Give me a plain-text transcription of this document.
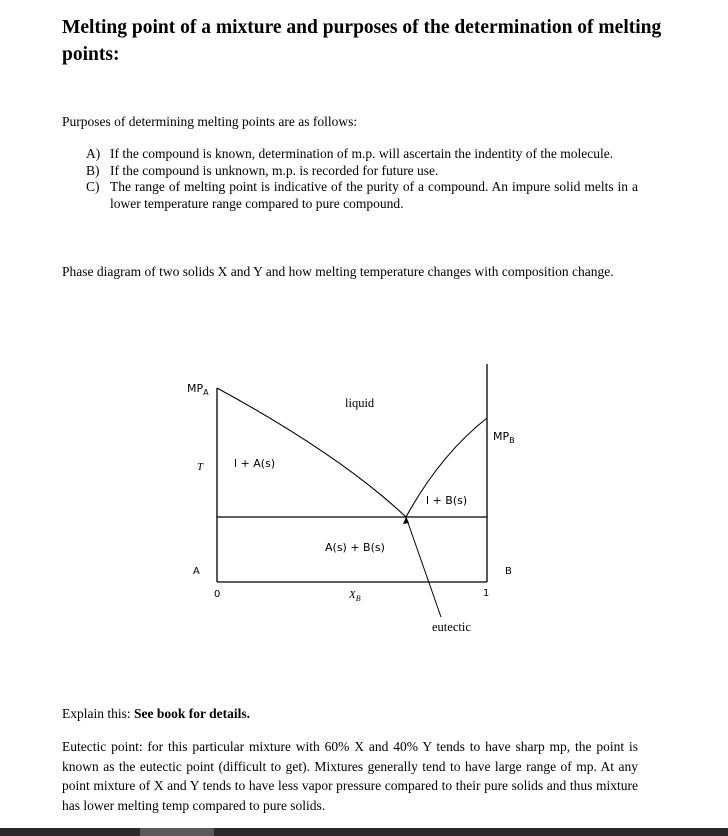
Melting point of a mixture and purposes of the determination of melting points:

Purposes of determining melting points are as follows:

A) If the compound is known, determination of m.p. will ascertain the indentity of the molecule.
B) If the compound is unknown, m.p. is recorded for future use.
C) The range of melting point is indicative of the purity of a compound. An impure solid melts in a lower temperature range compared to pure compound.

Phase diagram of two solids X and Y and how melting temperature changes with composition change.

$MP_A$
$MP_B$
T
A	B
0	1
$X_B$
liquid
l + A(s)
l + B(s)
A(s) + B(s)
eutectic

Explain this: See book for details.

Eutectic point: for this particular mixture with 60% X and 40% Y tends to have sharp mp, the point is known as the eutectic point (difficult to get). Mixtures generally tend to have large range of mp. At any point mixture of X and Y tends to have less vapor pressure compared to their pure solids and thus mixture has lower melting temp compared to pure solids.
